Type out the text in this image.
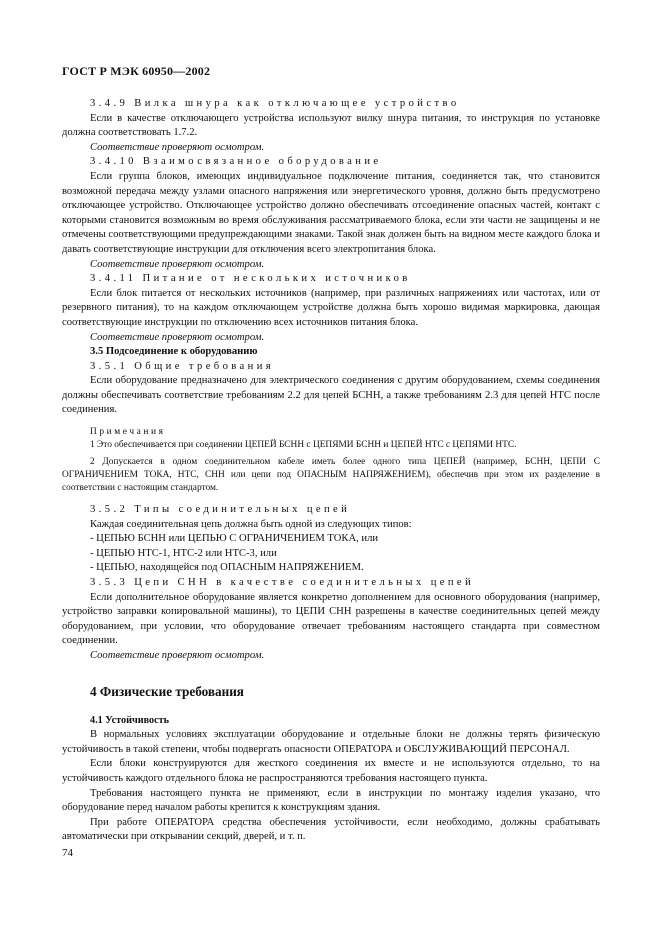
ГОСТ Р МЭК 60950—2002

3.4.9 Вилка шнура как отключающее устройство

Если в качестве отключающего устройства используют вилку шнура питания, то инструкция по установке должна соответствовать 1.7.2.

Соответствие проверяют осмотром.

3.4.10 Взаимосвязанное оборудование

Если группа блоков, имеющих индивидуальное подключение питания, соединяется так, что становится возможной передача между узлами опасного напряжения или энергетического уровня, должно быть предусмотрено отключающее устройство. Отключающее устройство должно обеспечивать отсоединение опасных частей, контакт с которыми становится возможным во время обслуживания рассматриваемого блока, если эти части не защищены и не отмечены соответствующими предупреждающими знаками. Такой знак должен быть на видном месте каждого блока и давать соответствующие инструкции для отключения всего электропитания блока.

Соответствие проверяют осмотром.

3.4.11 Питание от нескольких источников

Если блок питается от нескольких источников (например, при различных напряжениях или частотах, или от резервного питания), то на каждом отключающем устройстве должна быть хорошо видимая маркировка, дающая соответствующие инструкции по отключению всех источников питания блока.

Соответствие проверяют осмотром.

3.5 Подсоединение к оборудованию

3.5.1 Общие требования

Если оборудование предназначено для электрического соединения с другим оборудованием, схемы соединения должны обеспечивать соответствие требованиям 2.2 для цепей БСНН, а также требованиям 2.3 для цепей НТС после соединения.

Примечания

1 Это обеспечивается при соединении ЦЕПЕЙ БСНН с ЦЕПЯМИ БСНН и ЦЕПЕЙ НТС с ЦЕПЯМИ НТС.

2 Допускается в одном соединительном кабеле иметь более одного типа ЦЕПЕЙ (например, БСНН, ЦЕПИ С ОГРАНИЧЕНИЕМ ТОКА, НТС, СНН или цепи под ОПАСНЫМ НАПРЯЖЕНИЕМ), обеспечив при этом их разделение в соответствии с настоящим стандартом.

3.5.2 Типы соединительных цепей

Каждая соединительная цепь должна быть одной из следующих типов:

- ЦЕПЬЮ БСНН или ЦЕПЬЮ С ОГРАНИЧЕНИЕМ ТОКА, или

- ЦЕПЬЮ НТС-1, НТС-2 или НТС-3, или

- ЦЕПЬЮ, находящейся под ОПАСНЫМ НАПРЯЖЕНИЕМ.

3.5.3 Цепи СНН в качестве соединительных цепей

Если дополнительное оборудование является конкретно дополнением для основного оборудования (например, устройство заправки копировальной машины), то ЦЕПИ СНН разрешены в качестве соединительных цепей между оборудованием, при условии, что оборудование отвечает требованиям настоящего стандарта при совместном соединении.

Соответствие проверяют осмотром.

4 Физические требования

4.1 Устойчивость

В нормальных условиях эксплуатации оборудование и отдельные блоки не должны терять физическую устойчивость в такой степени, чтобы подвергать опасности ОПЕРАТОРА и ОБСЛУЖИВАЮЩИЙ ПЕРСОНАЛ.

Если блоки конструируются для жесткого соединения их вместе и не используются отдельно, то на устойчивость каждого отдельного блока не распространяются требования настоящего пункта.

Требования настоящего пункта не применяют, если в инструкции по монтажу изделия указано, что оборудование перед началом работы крепится к конструкциям здания.

При работе ОПЕРАТОРА средства обеспечения устойчивости, если необходимо, должны срабатывать автоматически при открывании секций, дверей, и т. п.

74
